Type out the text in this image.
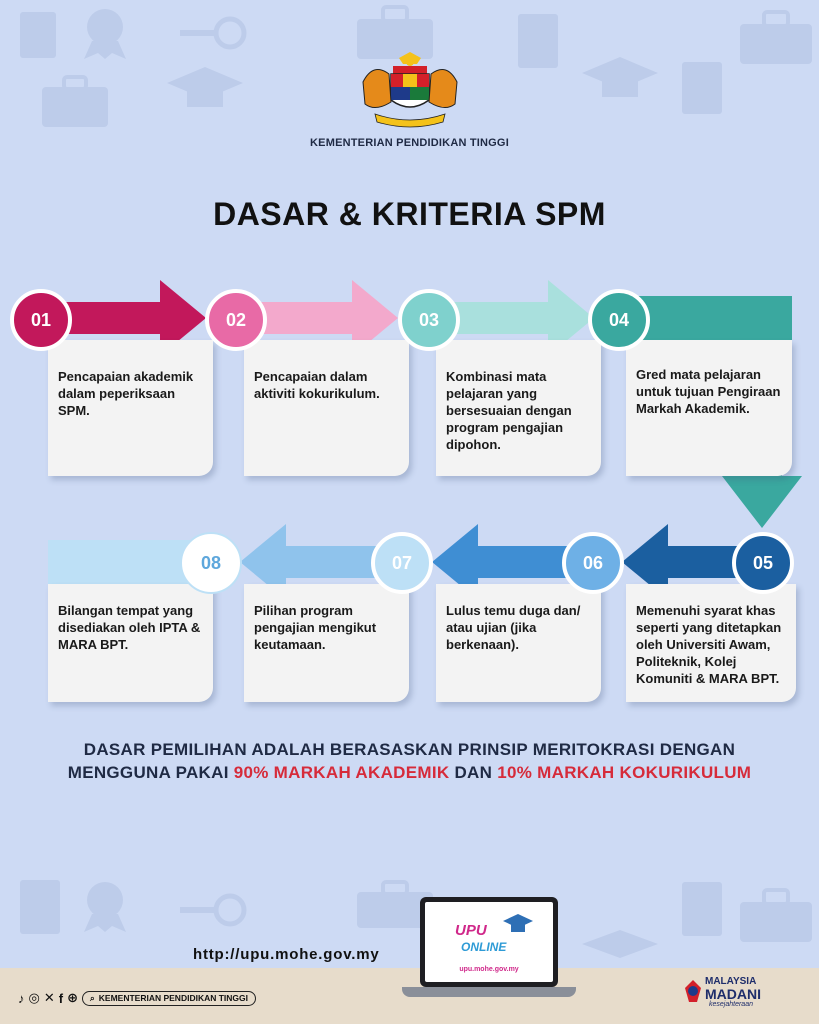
KEMENTERIAN PENDIDIKAN TINGGI
DASAR & KRITERIA SPM

Pencapaian akademik dalam peperiksaan SPM.

Pencapaian dalam aktiviti kokurikulum.

Kombinasi mata pelajaran yang bersesuaian dengan program pengajian dipohon.

Gred mata pelajaran untuk tujuan Pengiraan Markah Akademik.

01	02	03	04

Bilangan tempat yang disediakan oleh IPTA & MARA BPT.

Pilihan program pengajian mengikut keutamaan.

Lulus temu duga dan/ atau ujian (jika berkenaan).

Memenuhi syarat khas seperti yang ditetapkan oleh Universiti Awam, Politeknik, Kolej Komuniti & MARA BPT.

08	07	06	05
DASAR PEMILIHAN ADALAH BERASASKAN PRINSIP MERITOKRASI DENGAN
MENGGUNA PAKAI 90% MARKAH AKADEMIK DAN 10% MARKAH KOKURIKULUM
http://upu.mohe.gov.my
UPU
ONLINE
upu.mohe.gov.my
♪ ◎ ✕ f ⊕ ⌕ KEMENTERIAN PENDIDIKAN TINGGI
MALAYSIA
MADANI
kesejahteraan
